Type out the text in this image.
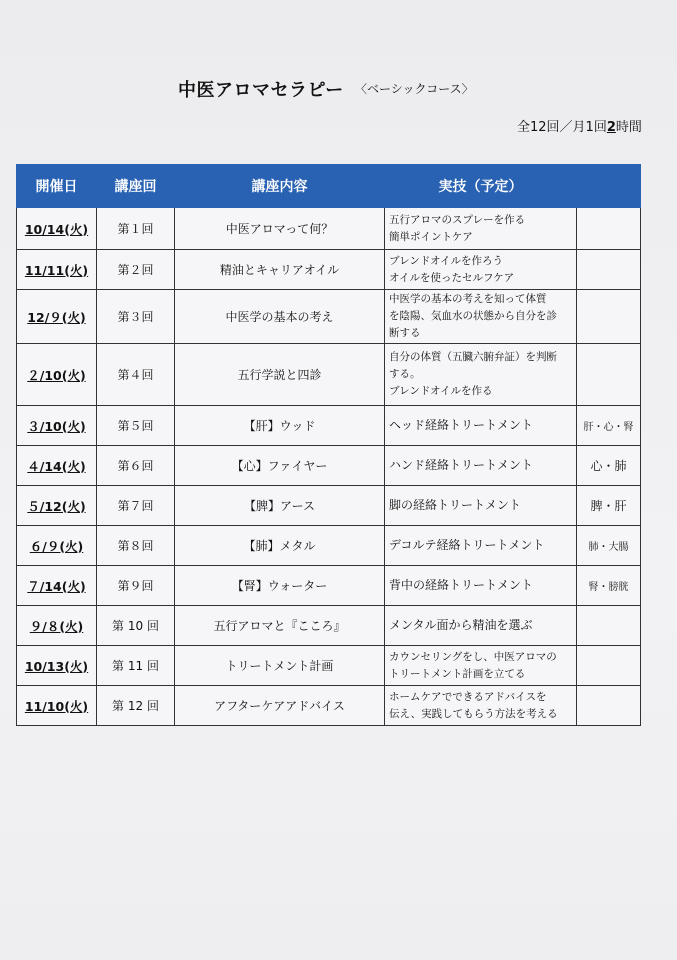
中医アロマセラピー 〈ベーシックコース〉
全12回／月1回2時間
開催日	講座回	講座内容	実技（予定）	
10/14(火)	第１回	中医アロマって何？	五行アロマのスプレーを作る
簡単ポイントケア	

11/11(火)	第２回	精油とキャリアオイル	ブレンドオイルを作ろう
オイルを使ったセルフケア	

12/９(火)	第３回	中医学の基本の考え	中医学の基本の考えを知って体質
を陰陽、気血水の状態から自分を診
断する	

２/10(火)	第４回	五行学説と四診	自分の体質（五臓六腑弁証）を判断
する。
ブレンドオイルを作る	

３/10(火)	第５回	【肝】ウッド	ヘッド経絡トリートメント	肝・心・腎
４/14(火)	第６回	【心】ファイヤー	ハンド経絡トリートメント	心・肺
５/12(火)	第７回	【脾】アース	脚の経絡トリートメント	脾・肝
６/９(火)	第８回	【肺】メタル	デコルテ経絡トリートメント	肺・大腸
７/14(火)	第９回	【腎】ウォーター	背中の経絡トリートメント	腎・膀胱
９/８(火)	第 10 回	五行アロマと『こころ』	メンタル面から精油を選ぶ	

10/13(火)	第 11 回	トリートメント計画	カウンセリングをし、中医アロマの
トリートメント計画を立てる	

11/10(火)	第 12 回	アフターケアアドバイス	ホームケアでできるアドバイスを
伝え、実践してもらう方法を考える	
